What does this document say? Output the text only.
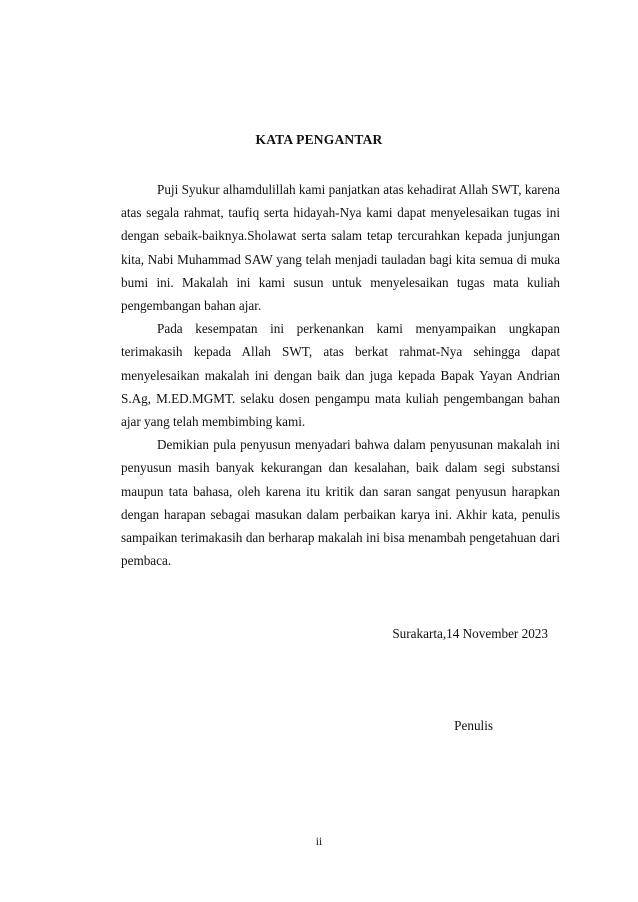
KATA PENGANTAR

Puji Syukur alhamdulillah kami panjatkan atas kehadirat Allah SWT, karena atas segala rahmat, taufiq serta hidayah-Nya kami dapat menyelesaikan tugas ini dengan sebaik-baiknya.Sholawat serta salam tetap tercurahkan kepada junjungan kita, Nabi Muhammad SAW yang telah menjadi tauladan bagi kita semua di muka bumi ini. Makalah ini kami susun untuk menyelesaikan tugas mata kuliah pengembangan bahan ajar.

Pada kesempatan ini perkenankan kami menyampaikan ungkapan terimakasih kepada Allah SWT, atas berkat rahmat-Nya sehingga dapat menyelesaikan makalah ini dengan baik dan juga kepada Bapak Yayan Andrian S.Ag, M.ED.MGMT. selaku dosen pengampu mata kuliah pengembangan bahan ajar yang telah membimbing kami.

Demikian pula penyusun menyadari bahwa dalam penyusunan makalah ini penyusun masih banyak kekurangan dan kesalahan, baik dalam segi substansi maupun tata bahasa, oleh karena itu kritik dan saran sangat penyusun harapkan dengan harapan sebagai masukan dalam perbaikan karya ini. Akhir kata, penulis sampaikan terimakasih dan berharap makalah ini bisa menambah pengetahuan dari pembaca.

Surakarta,14 November 2023
Penulis
ii
